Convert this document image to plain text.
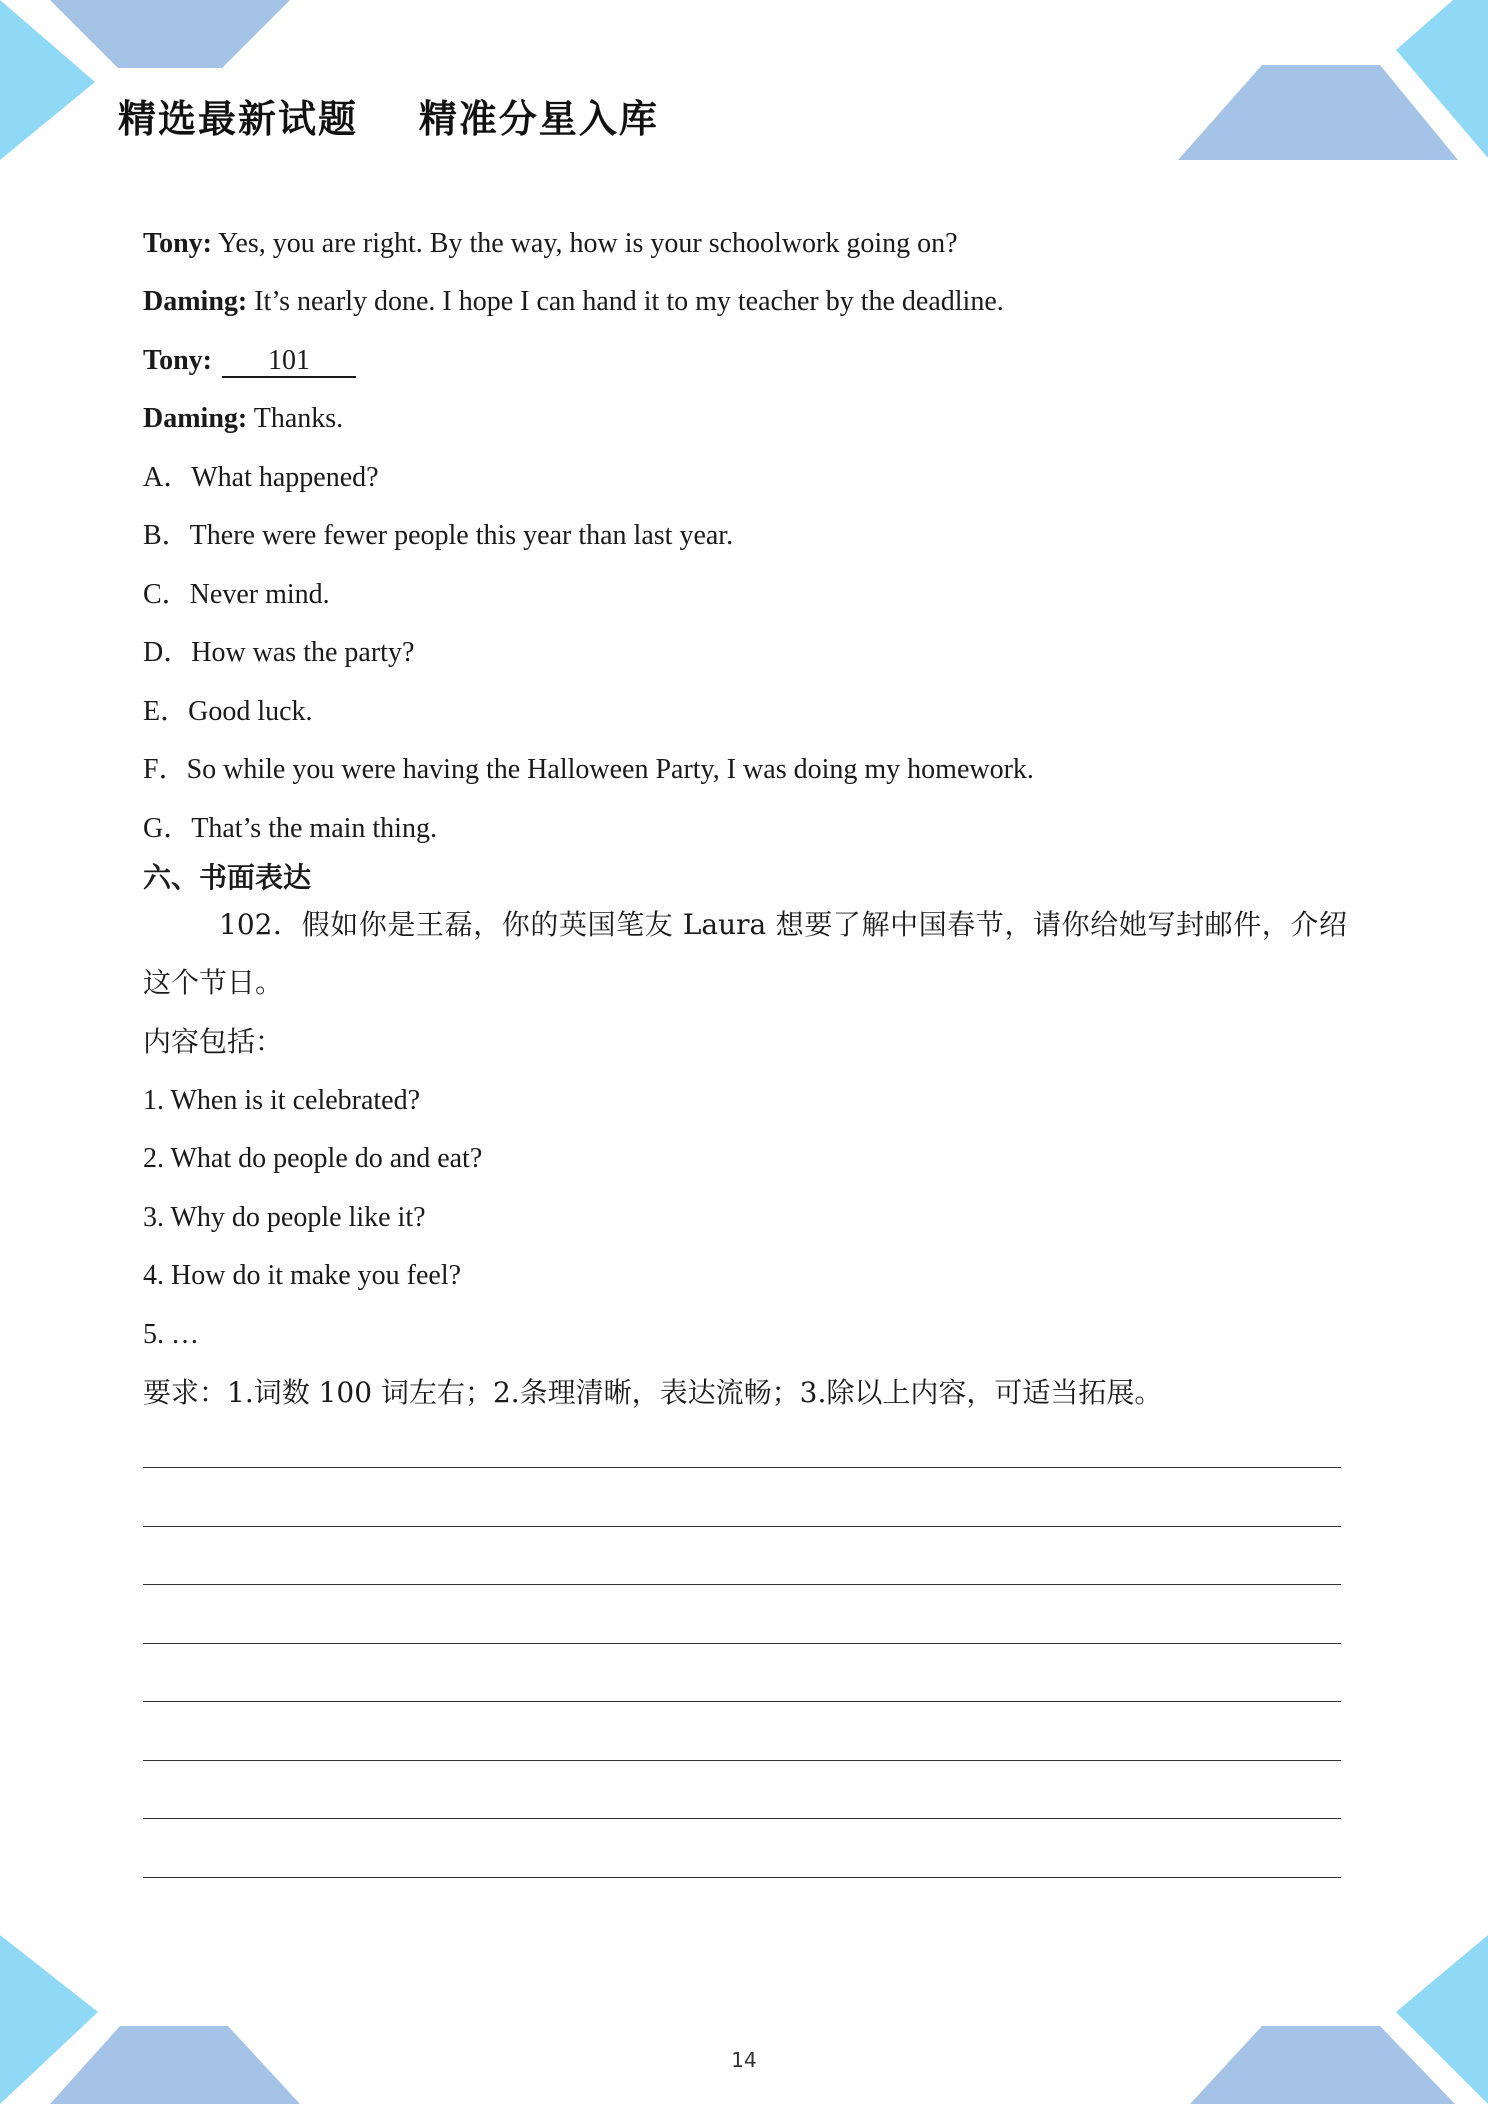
精选最新试题    精准分星入库
Tony: Yes, you are right. By the way, how is your schoolwork going on?
Daming: It’s nearly done. I hope I can hand it to my teacher by the deadline.
Tony: 101
Daming: Thanks.
A．What happened?
B．There were fewer people this year than last year.
C．Never mind.
D．How was the party?
E．Good luck.
F．So while you were having the Halloween Party, I was doing my homework.
G．That’s the main thing.
六、书面表达
102．假如你是王磊，你的英国笔友 Laura 想要了解中国春节，请你给她写封邮件，介绍这个节日。
内容包括：
1. When is it celebrated?
2. What do people do and eat?
3. Why do people like it?
4. How do it make you feel?
5. …
要求：1.词数 100 词左右；2.条理清晰，表达流畅；3.除以上内容，可适当拓展。
14
